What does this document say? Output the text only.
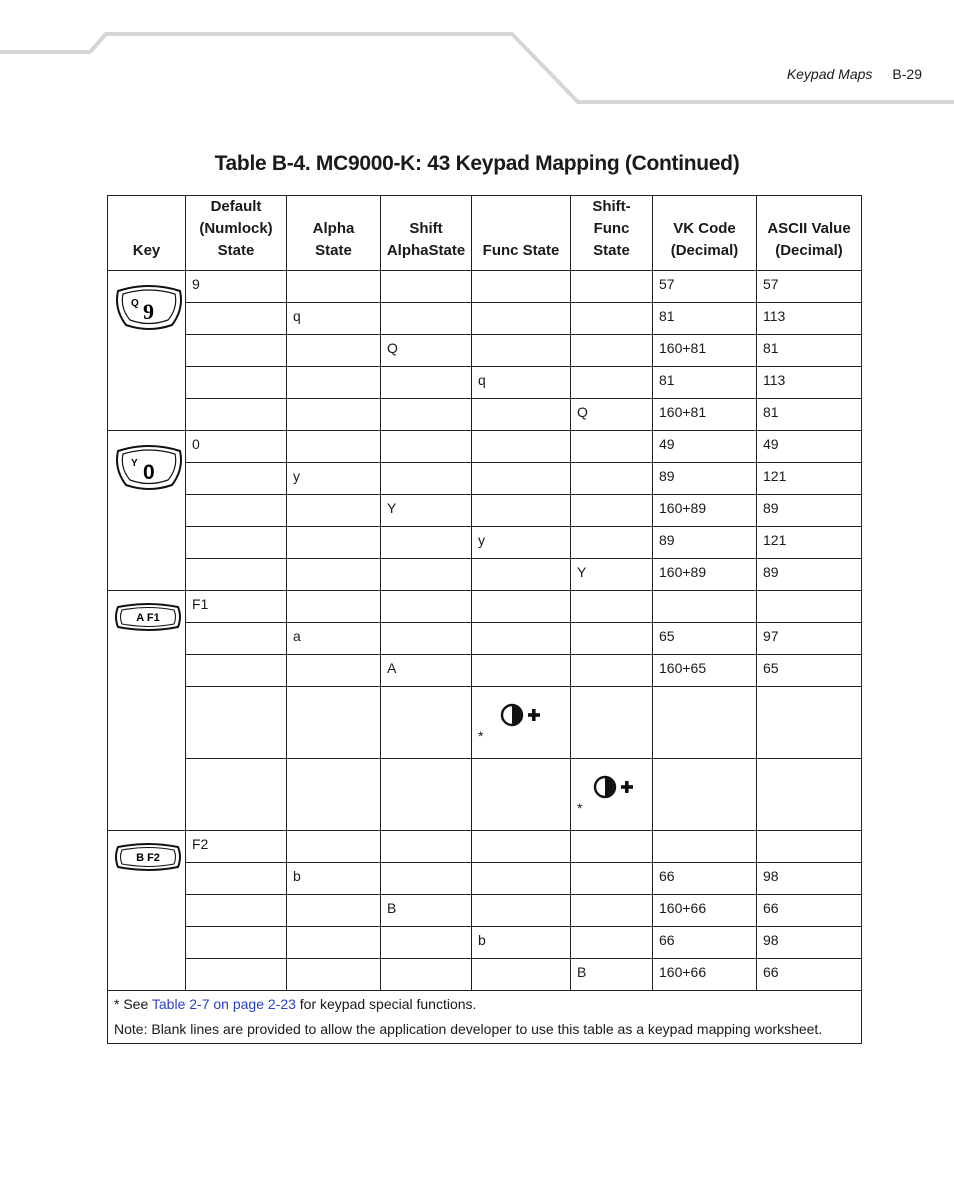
Keypad Maps B-29
Table B-4. MC9000-K: 43 Keypad Mapping (Continued)
Key	Default
(Numlock)
State	Alpha
State	Shift
AlphaState	Func State	Shift-
Func
State	VK Code
(Decimal)	ASCII Value
(Decimal)

Q 9	9					57	57
		q				81	113
			Q			160+81	81
				q		81	113
					Q	160+81	81

Y 0	0					49	49
		y				89	121
			Y			160+89	89
				y		89	121
					Y	160+89	89

A F1	F1						
		a				65	97
			A			160+65	65

				*			

					*		

B F2	F2						
		b				66	98
			B			160+66	66
				b		66	98
					B	160+66	66

* See Table 2-7 on page 2-23 for keypad special functions.

Note: Blank lines are provided to allow the application developer to use this table as a keypad mapping worksheet.							
